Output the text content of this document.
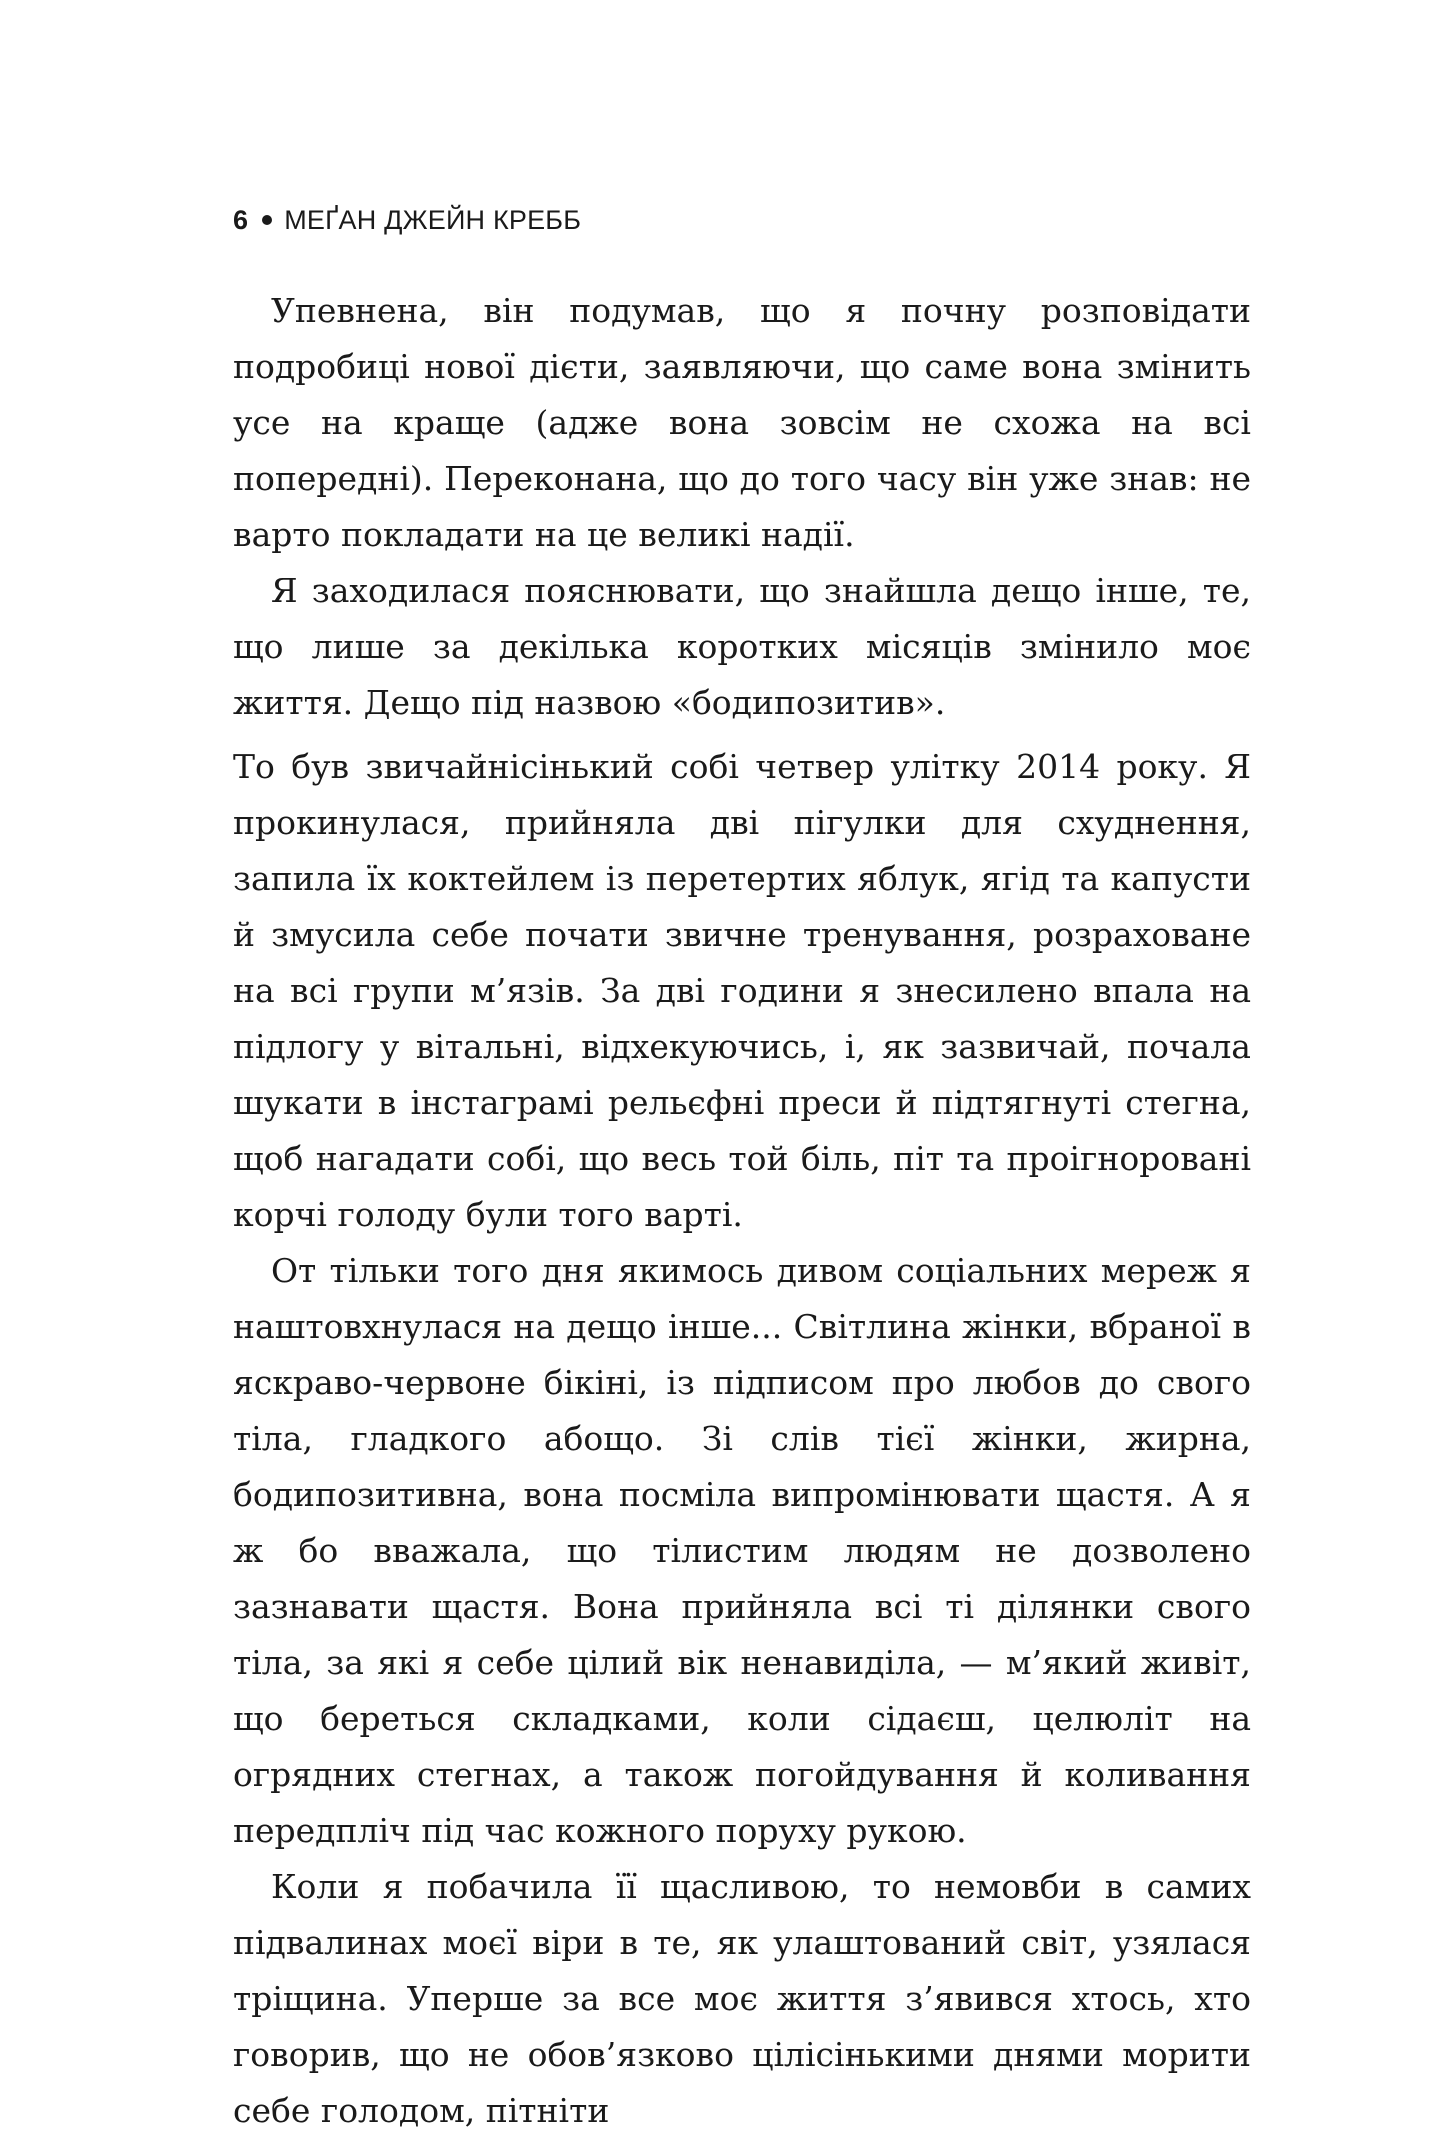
6 МЕҐАН ДЖЕЙН КРЕББ

Упевнена, він подумав, що я почну розповідати подробиці нової дієти, заявляючи, що саме вона змінить усе на краще (адже вона зовсім не схожа на всі попередні). Переконана, що до того часу він уже знав: не варто покладати на це великі надії.

Я заходилася пояснювати, що знайшла дещо інше, те, що лише за декілька коротких місяців змінило моє життя. Дещо під назвою «бодипозитив».

То був звичайнісінький собі четвер улітку 2014 року. Я прокинулася, прийняла дві пігулки для схуднення, запила їх коктейлем із перетертих яблук, ягід та капусти й змусила себе почати звичне тренування, розраховане на всі групи м’язів. За дві години я знесилено впала на підлогу у вітальні, відхекуючись, і, як зазвичай, почала шукати в інстаграмі рельєфні преси й підтягнуті стегна, щоб нагадати собі, що весь той біль, піт та проігноровані корчі голоду були того варті.

От тільки того дня якимось дивом соціальних мереж я наштовхнулася на дещо інше... Світлина жінки, вбраної в яскраво-червоне бікіні, із підписом про любов до свого тіла, гладкого абощо. Зі слів тієї жінки, жирна, бодипозитивна, вона посміла випромінювати щастя. А я ж бо вважала, що тілистим людям не дозволено зазнавати щастя. Вона прийняла всі ті ділянки свого тіла, за які я себе цілий вік ненавиділа, — м’який живіт, що береться складками, коли сідаєш, целюліт на огрядних стегнах, а також погойдування й коливання передпліч під час кожного поруху рукою.

Коли я побачила її щасливою, то немовби в самих підвалинах моєї віри в те, як улаштований світ, узялася тріщина. Уперше за все моє життя з’явився хтось, хто говорив, що не обов’язково цілісінькими днями морити себе голодом, пітніти
